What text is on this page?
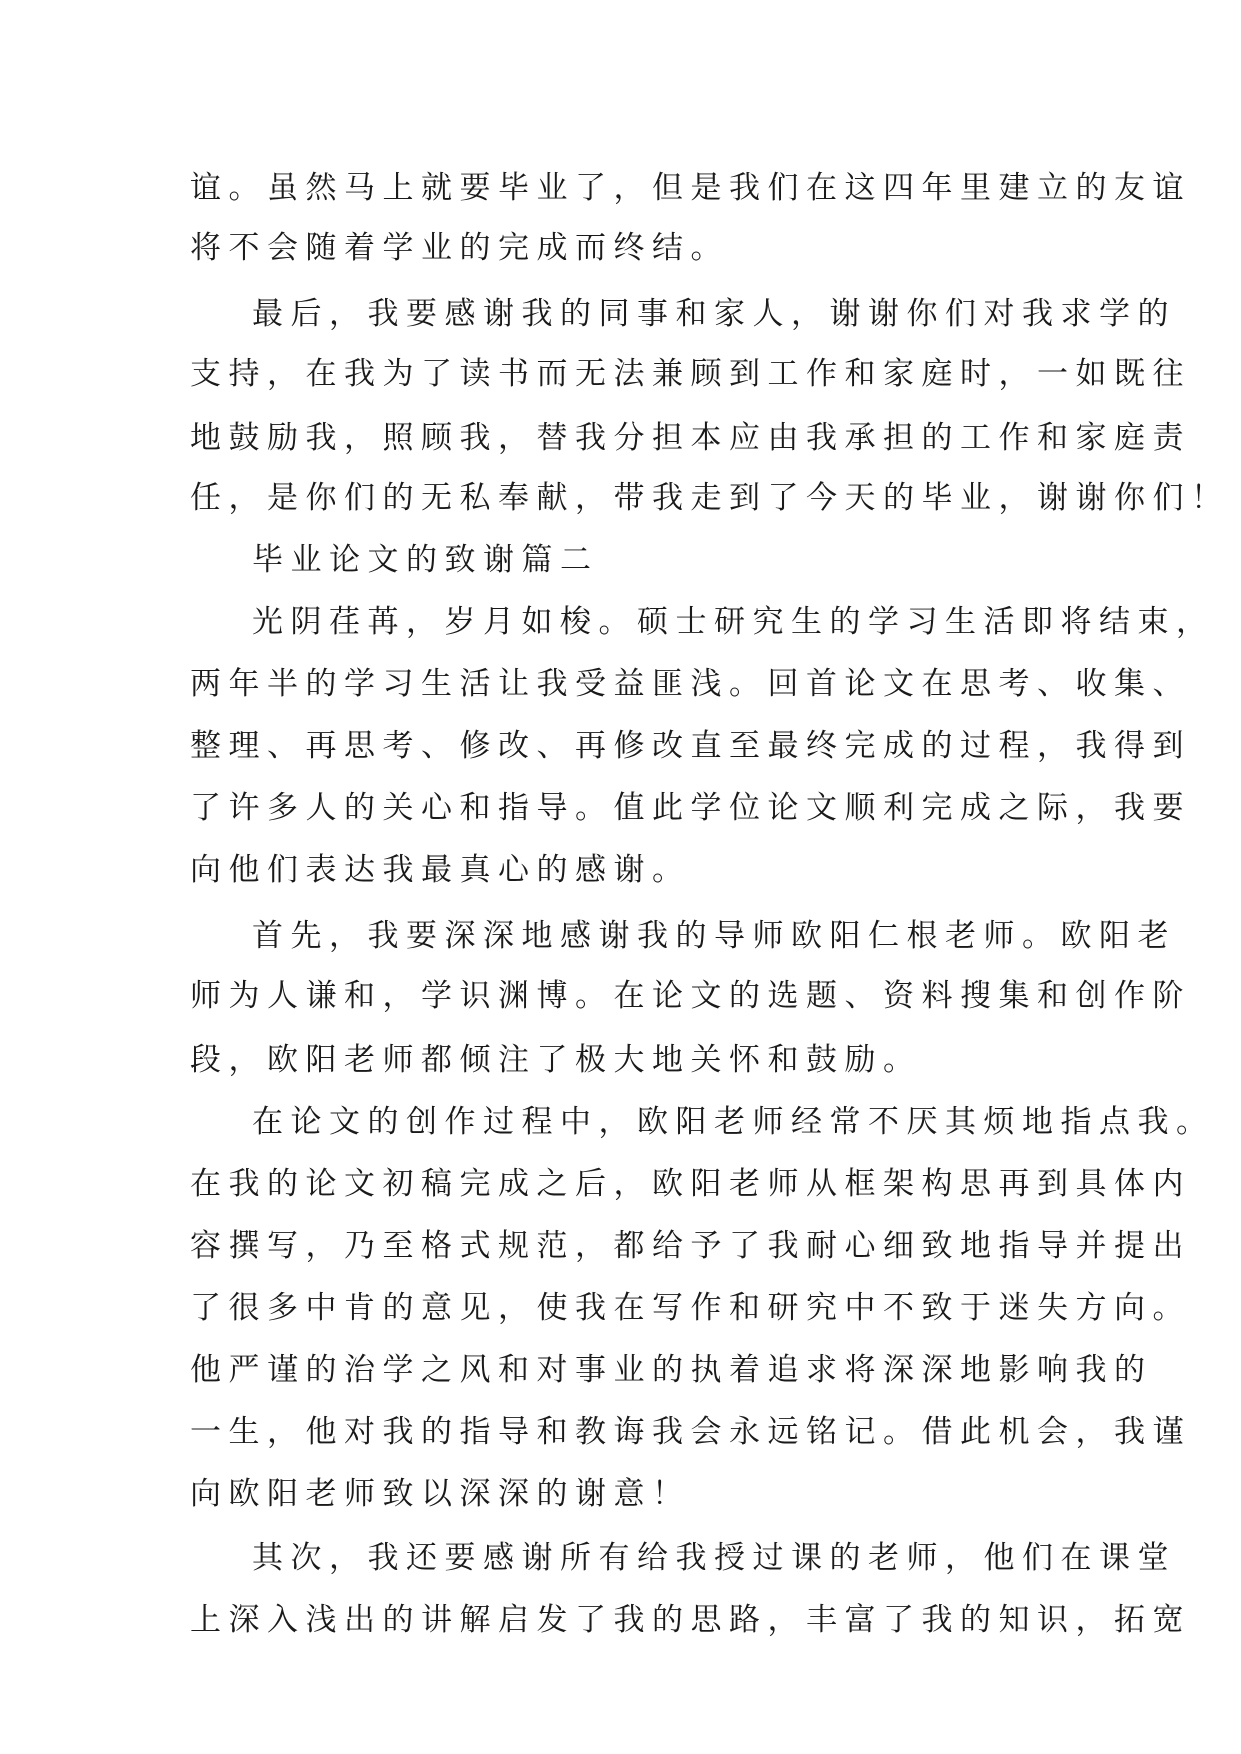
谊。虽然马上就要毕业了，但是我们在这四年里建立的友谊
将不会随着学业的完成而终结。
最后，我要感谢我的同事和家人，谢谢你们对我求学的
支持，在我为了读书而无法兼顾到工作和家庭时，一如既往
地鼓励我，照顾我，替我分担本应由我承担的工作和家庭责
任，是你们的无私奉献，带我走到了今天的毕业，谢谢你们！
毕业论文的致谢篇二
光阴荏苒，岁月如梭。硕士研究生的学习生活即将结束，
两年半的学习生活让我受益匪浅。回首论文在思考、收集、
整理、再思考、修改、再修改直至最终完成的过程，我得到
了许多人的关心和指导。值此学位论文顺利完成之际，我要
向他们表达我最真心的感谢。
首先，我要深深地感谢我的导师欧阳仁根老师。欧阳老
师为人谦和，学识渊博。在论文的选题、资料搜集和创作阶
段，欧阳老师都倾注了极大地关怀和鼓励。
在论文的创作过程中，欧阳老师经常不厌其烦地指点我。
在我的论文初稿完成之后，欧阳老师从框架构思再到具体内
容撰写，乃至格式规范，都给予了我耐心细致地指导并提出
了很多中肯的意见，使我在写作和研究中不致于迷失方向。
他严谨的治学之风和对事业的执着追求将深深地影响我的
一生，他对我的指导和教诲我会永远铭记。借此机会，我谨
向欧阳老师致以深深的谢意！
其次，我还要感谢所有给我授过课的老师，他们在课堂
上深入浅出的讲解启发了我的思路，丰富了我的知识，拓宽
